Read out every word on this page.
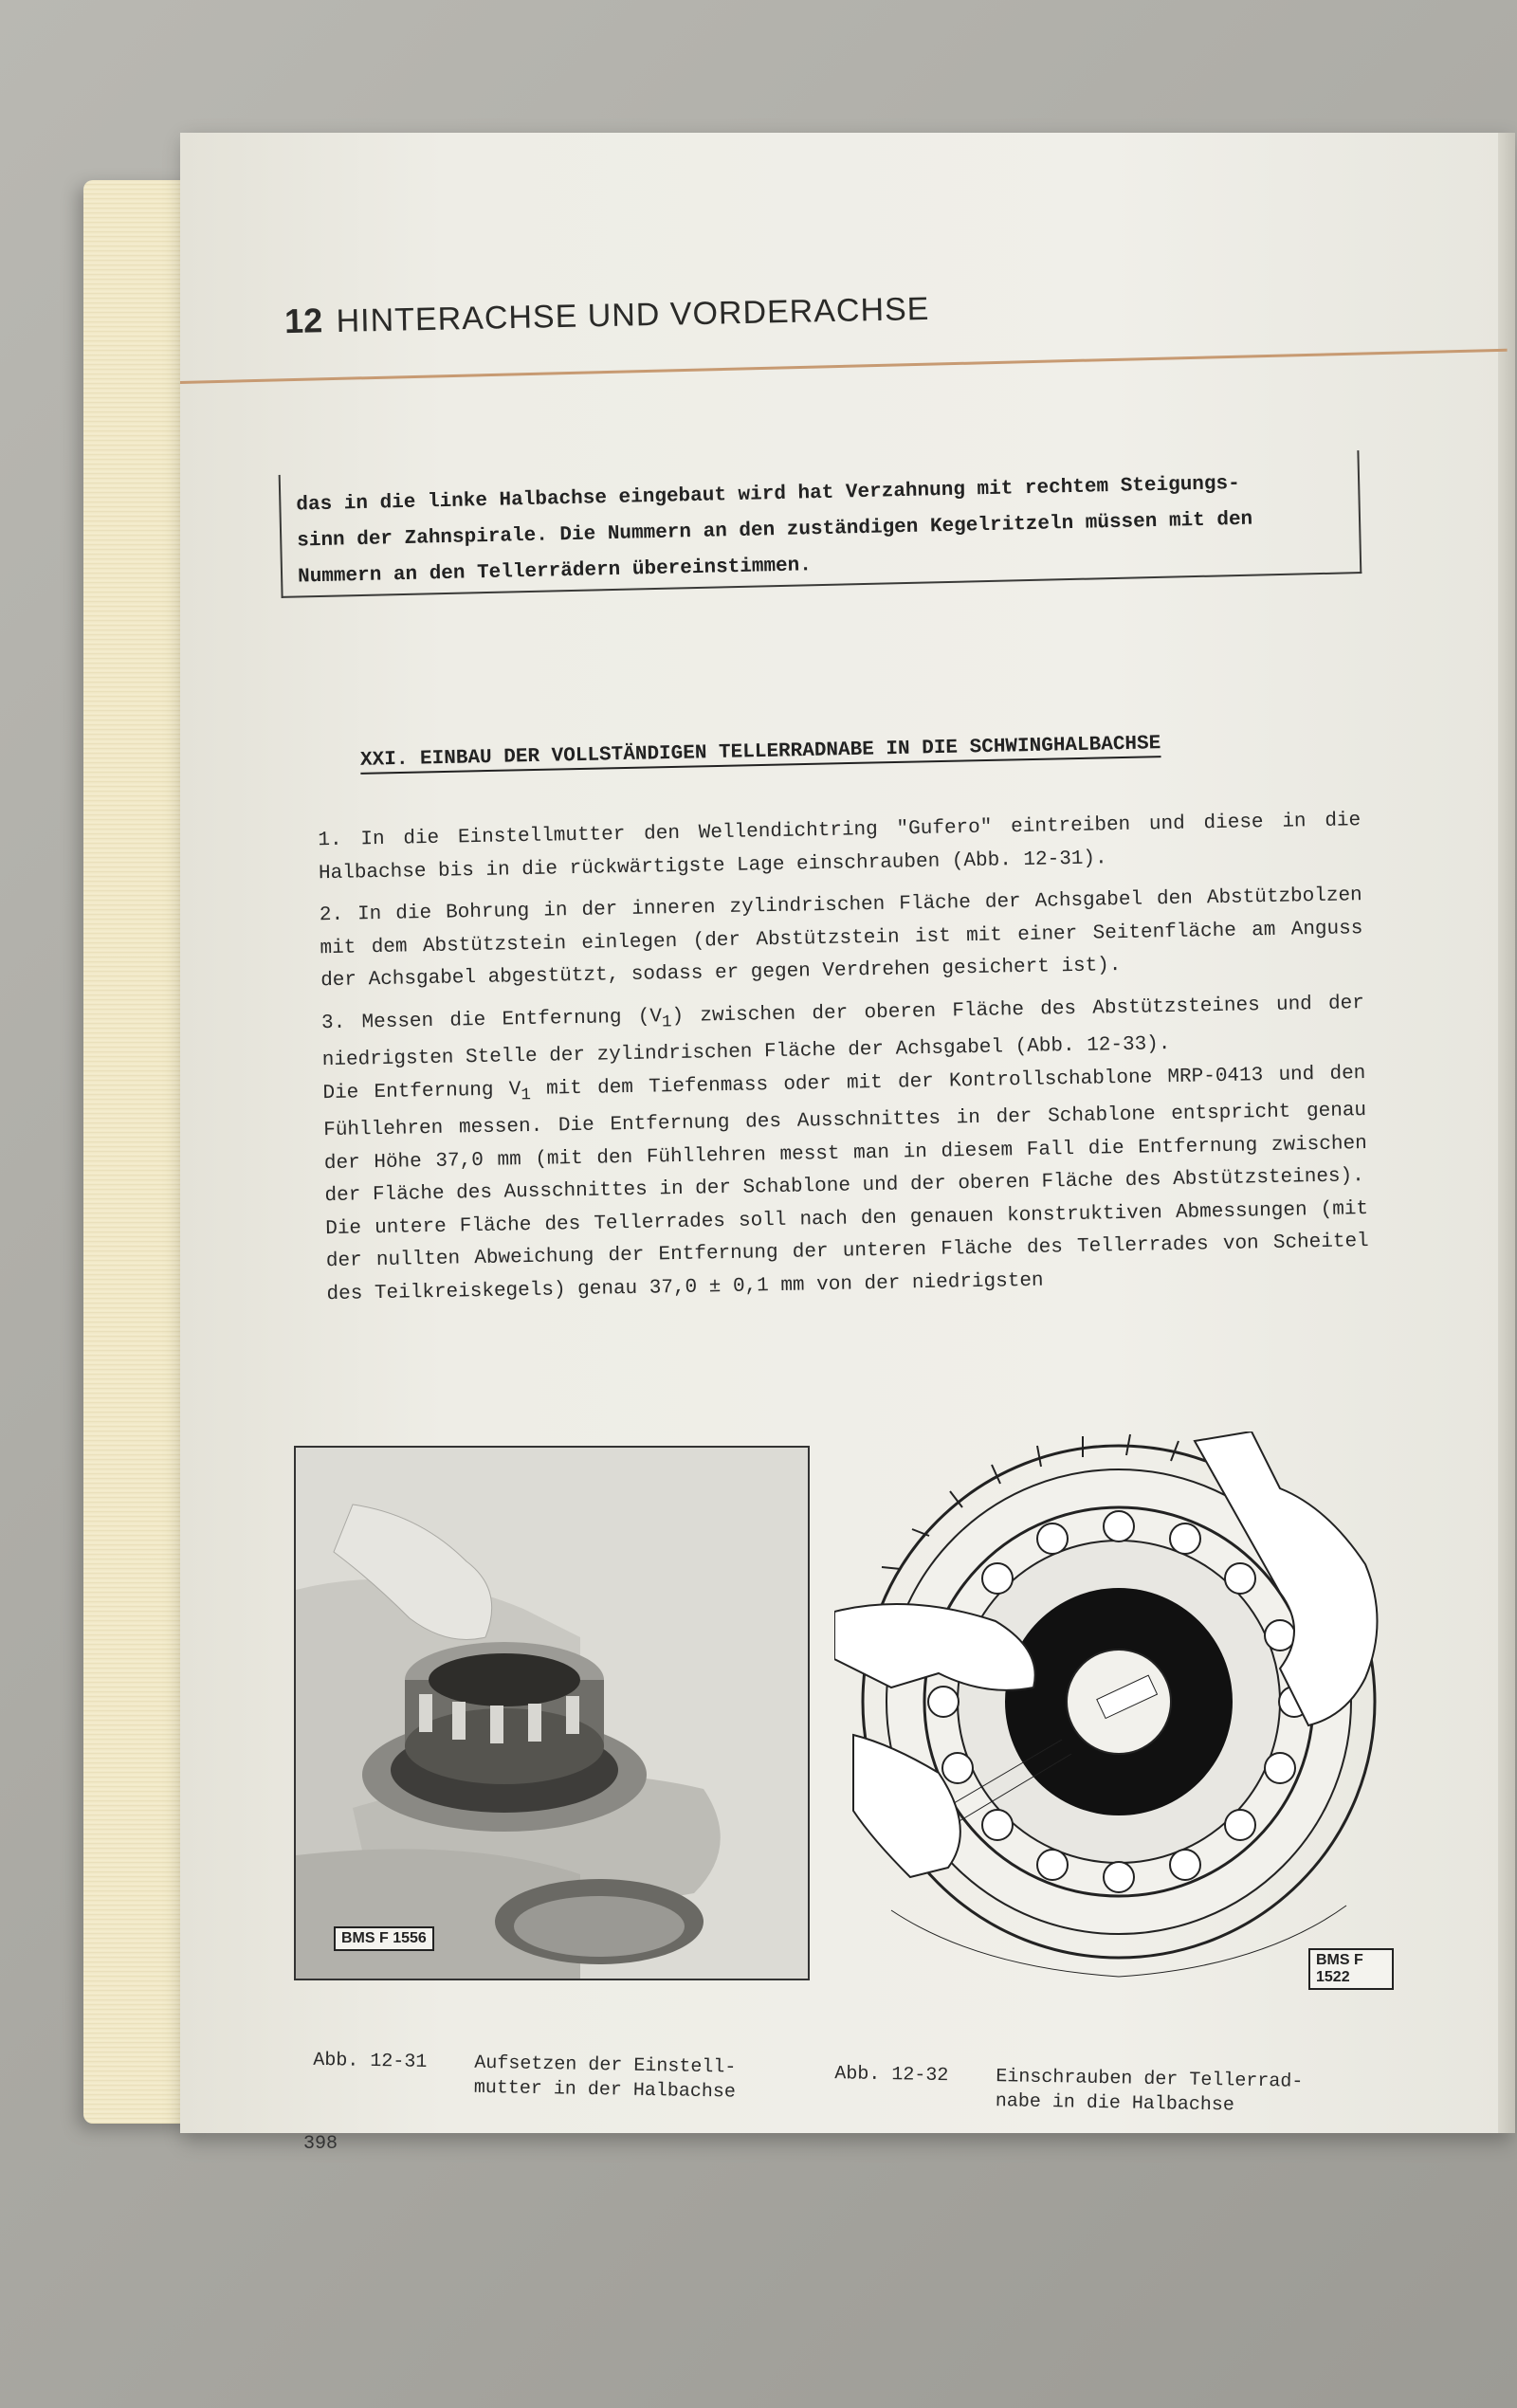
12 HINTERACHSE UND VORDERACHSE
das in die linke Halbachse eingebaut wird hat Verzahnung mit rechtem Steigungs-
sinn der Zahnspirale. Die Nummern an den zuständigen Kegelritzeln müssen mit den
Nummern an den Tellerrädern übereinstimmen.
XXI. EINBAU DER VOLLSTÄNDIGEN TELLERRADNABE IN DIE SCHWINGHALBACHSE

1. In die Einstellmutter den Wellendichtring "Gufero" eintreiben und diese in die Halbachse bis in die rückwärtigste Lage einschrauben (Abb. 12-31).

2. In die Bohrung in der inneren zylindrischen Fläche der Achsgabel den Abstützbolzen mit dem Abstützstein einlegen (der Abstützstein ist mit einer Seitenfläche am Anguss der Achsgabel abgestützt, sodass er gegen Verdrehen gesichert ist).

3. Messen die Entfernung $(V_1)$ zwischen der oberen Fläche des Abstützsteines und der niedrigsten Stelle der zylindrischen Fläche der Achsgabel (Abb. 12-33).

Die Entfernung $V_1$ mit dem Tiefenmass oder mit der Kontrollschablone MRP-0413 und den Fühllehren messen. Die Entfernung des Ausschnittes in der Schablone entspricht genau der Höhe 37,0 mm (mit den Fühllehren messt man in diesem Fall die Entfernung zwischen der Fläche des Ausschnittes in der Schablone und der oberen Fläche des Abstützsteines).

Die untere Fläche des Tellerrades soll nach den genauen konstruktiven Abmessungen (mit der nullten Abweichung der Entfernung der unteren Fläche des Tellerrades von Scheitel des Teilkreiskegels) genau 37,0 ± 0,1 mm von der niedrigsten

BMS F 1556
BMS F 1522
Abb. 12-31 Aufsetzen der Einstell-
mutter in der Halbachse
Abb. 12-32 Einschrauben der Tellerrad-
nabe in die Halbachse
398
